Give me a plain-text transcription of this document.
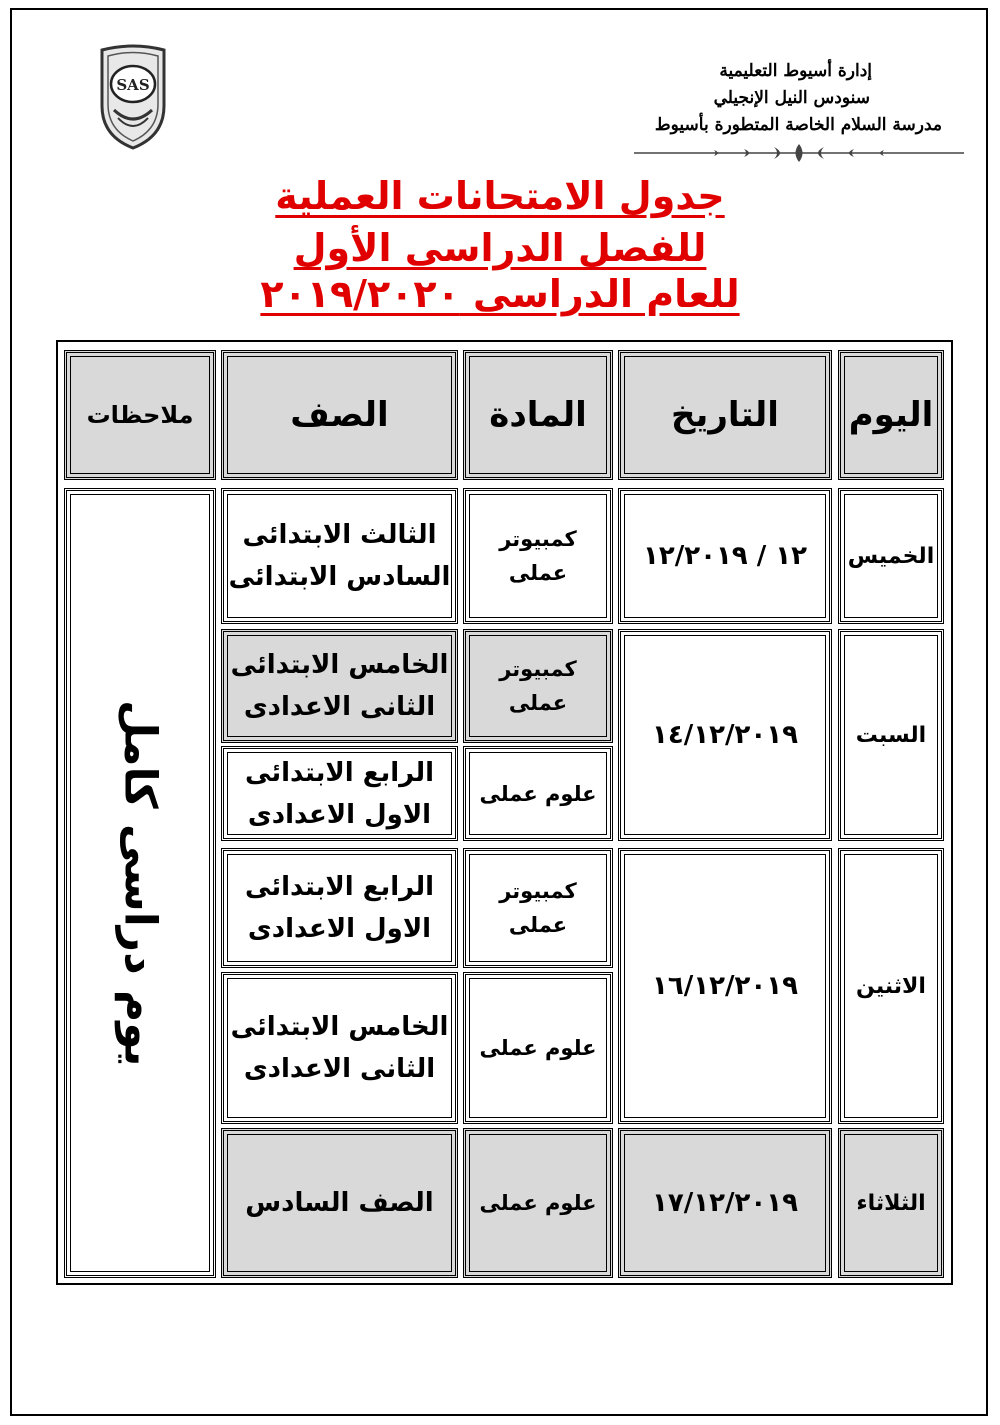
SAS
إدارة أسيوط التعليمية
سنودس النيل الإنجيلي
مدرسة السلام الخاصة المتطورة بأسيوط
جدول الامتحانات العملية
للفصل الدراسى الأول
للعام الدراسى ٢٠١٩/٢٠٢٠
اليوم
التاريخ
المادة
الصف
ملاحظات
يوم دراسى كامل
الخميس
١٢ / ١٢/٢٠١٩
كمبيوتر
عملى
الثالث الابتدائى
السادس الابتدائى
السبت
١٤/١٢/٢٠١٩
كمبيوتر
عملى
الخامس الابتدائى
الثانى الاعدادى
علوم عملى
الرابع الابتدائى
الاول الاعدادى
الاثنين
١٦/١٢/٢٠١٩
كمبيوتر
عملى
الرابع الابتدائى
الاول الاعدادى
علوم عملى
الخامس الابتدائى
الثانى الاعدادى
الثلاثاء
١٧/١٢/٢٠١٩
علوم عملى
الصف السادس
